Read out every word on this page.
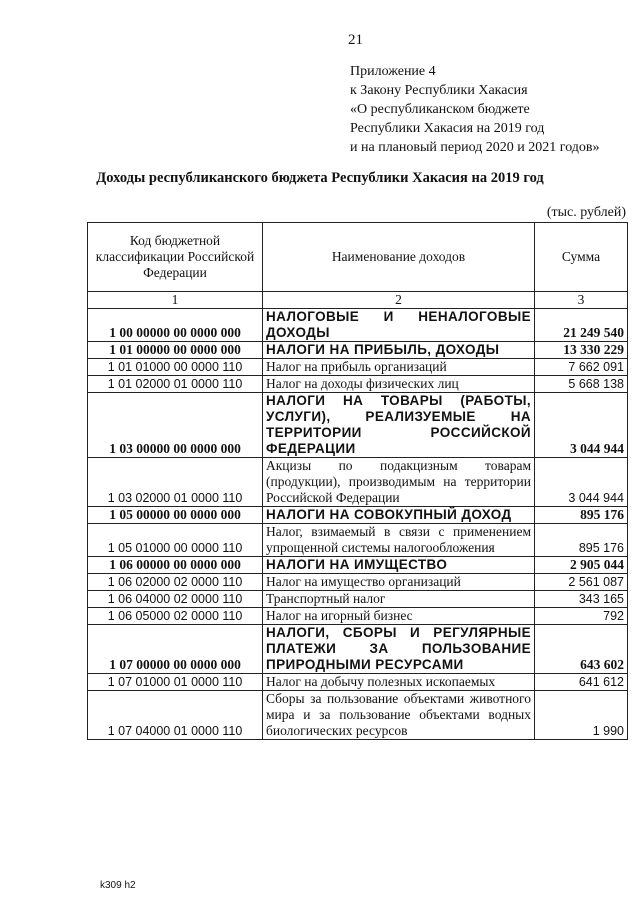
21
Приложение 4
к Закону Республики Хакасия
«О республиканском бюджете
Республики Хакасия на 2019 год
и на плановый период 2020 и 2021 годов»
Доходы республиканского бюджета Республики Хакасия на 2019 год
(тыс. рублей)
Код бюджетной классификации Российской Федерации	Наименование доходов	Сумма
1	2	3
1 00 00000 00 0000 000	НАЛОГОВЫЕ И НЕНАЛОГОВЫЕ ДОХОДЫ	21 249 540
1 01 00000 00 0000 000	НАЛОГИ НА ПРИБЫЛЬ, ДОХОДЫ	13 330 229
1 01 01000 00 0000 110	Налог на прибыль организаций	7 662 091
1 01 02000 01 0000 110	Налог на доходы физических лиц	5 668 138
1 03 00000 00 0000 000	НАЛОГИ НА ТОВАРЫ (РАБОТЫ, УСЛУГИ), РЕАЛИЗУЕМЫЕ НА ТЕРРИТОРИИ РОССИЙСКОЙ ФЕДЕРАЦИИ	3 044 944
1 03 02000 01 0000 110	Акцизы по подакцизным товарам (продукции), производимым на территории Российской Федерации	3 044 944
1 05 00000 00 0000 000	НАЛОГИ НА СОВОКУПНЫЙ ДОХОД	895 176
1 05 01000 00 0000 110	Налог, взимаемый в связи с применением упрощенной системы налогообложения	895 176
1 06 00000 00 0000 000	НАЛОГИ НА ИМУЩЕСТВО	2 905 044
1 06 02000 02 0000 110	Налог на имущество организаций	2 561 087
1 06 04000 02 0000 110	Транспортный налог	343 165
1 06 05000 02 0000 110	Налог на игорный бизнес	792
1 07 00000 00 0000 000	НАЛОГИ, СБОРЫ И РЕГУЛЯРНЫЕ ПЛАТЕЖИ ЗА ПОЛЬЗОВАНИЕ ПРИРОДНЫМИ РЕСУРСАМИ	643 602
1 07 01000 01 0000 110	Налог на добычу полезных ископаемых	641 612
1 07 04000 01 0000 110	Сборы за пользование объектами животного мира и за пользование объектами водных биологических ресурсов	1 990
k309 h2
